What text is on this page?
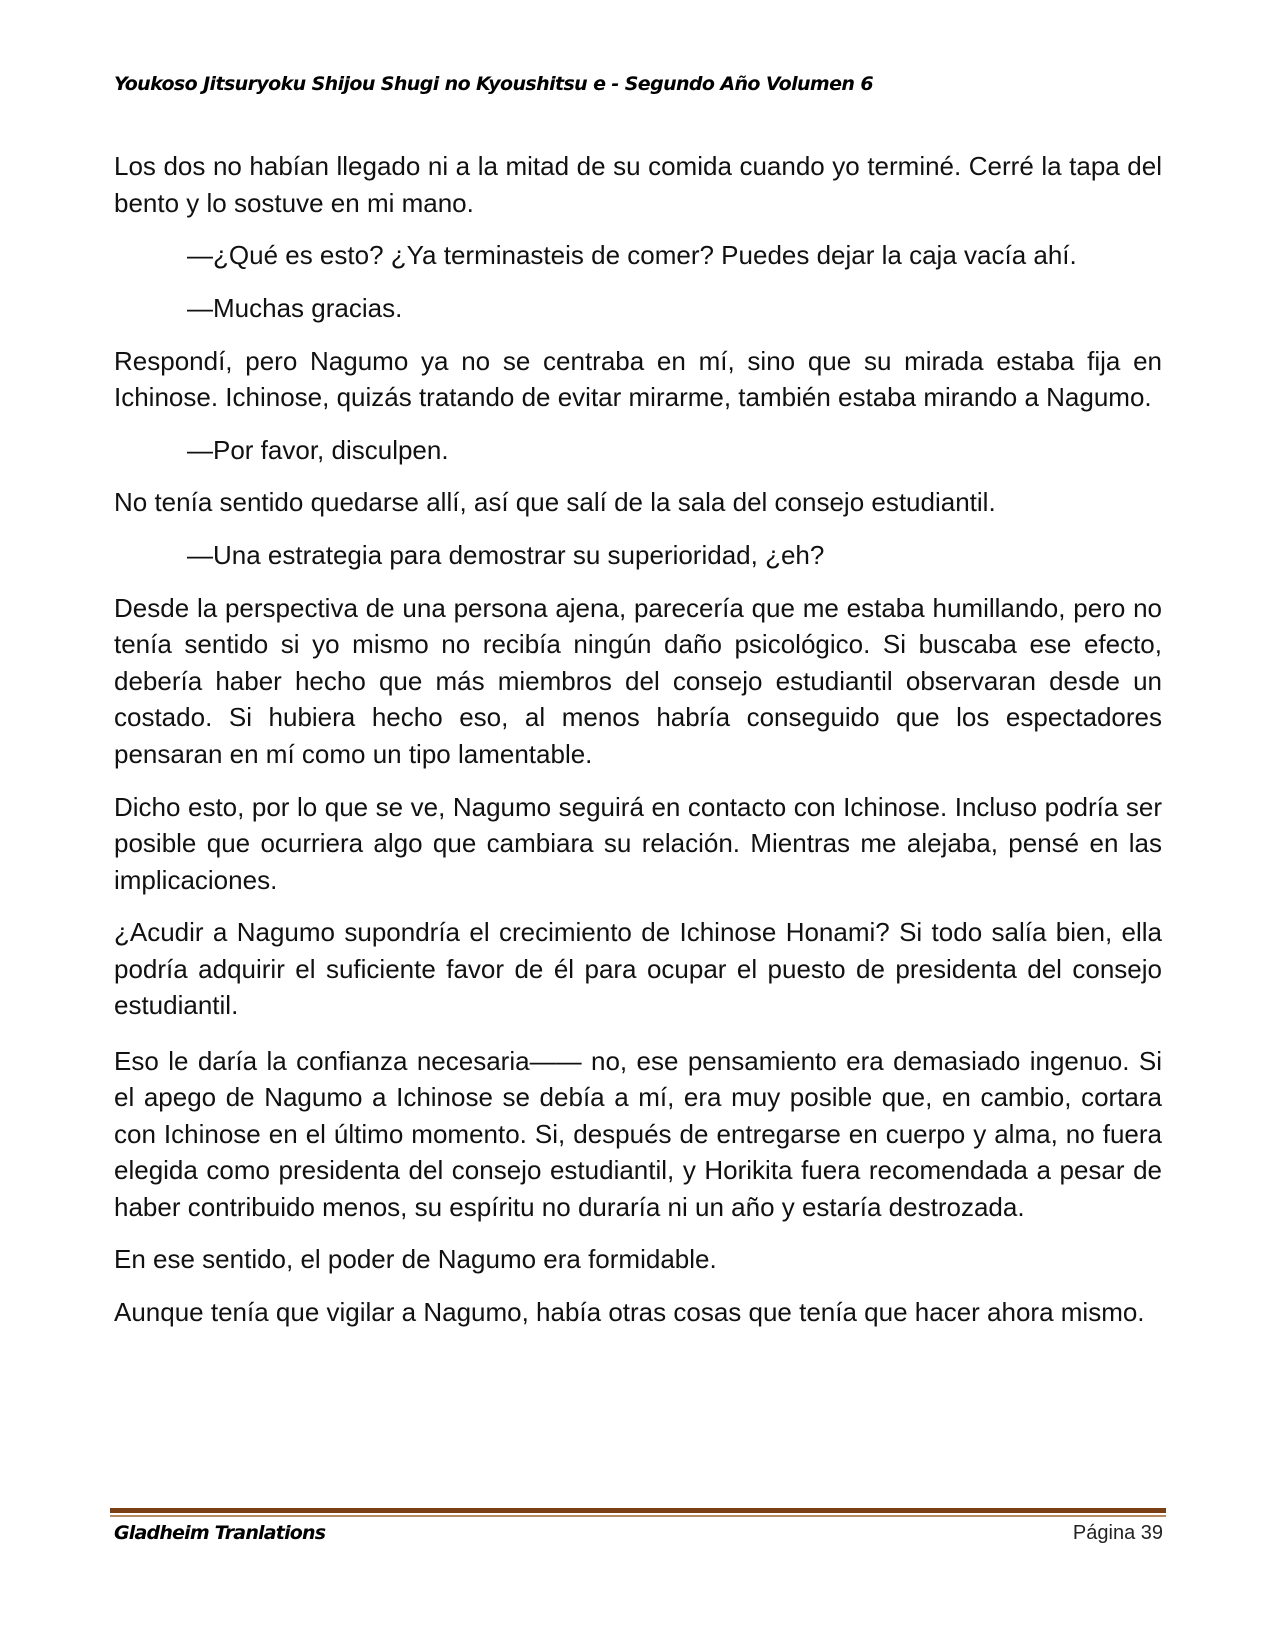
Youkoso Jitsuryoku Shijou Shugi no Kyoushitsu e - Segundo Año Volumen 6

Los dos no habían llegado ni a la mitad de su comida cuando yo terminé. Cerré la tapa del bento y lo sostuve en mi mano.

—¿Qué es esto? ¿Ya terminasteis de comer? Puedes dejar la caja vacía ahí.

—Muchas gracias.

Respondí, pero Nagumo ya no se centraba en mí, sino que su mirada estaba fija en Ichinose. Ichinose, quizás tratando de evitar mirarme, también estaba mirando a Nagumo.

—Por favor, disculpen.

No tenía sentido quedarse allí, así que salí de la sala del consejo estudiantil.

—Una estrategia para demostrar su superioridad, ¿eh?

Desde la perspectiva de una persona ajena, parecería que me estaba humillando, pero no tenía sentido si yo mismo no recibía ningún daño psicológico. Si buscaba ese efecto, debería haber hecho que más miembros del consejo estudiantil observaran desde un costado. Si hubiera hecho eso, al menos habría conseguido que los espectadores pensaran en mí como un tipo lamentable.

Dicho esto, por lo que se ve, Nagumo seguirá en contacto con Ichinose. Incluso podría ser posible que ocurriera algo que cambiara su relación. Mientras me alejaba, pensé en las implicaciones.

¿Acudir a Nagumo supondría el crecimiento de Ichinose Honami? Si todo salía bien, ella podría adquirir el suficiente favor de él para ocupar el puesto de presidenta del consejo estudiantil.

Eso le daría la confianza necesaria—— no, ese pensamiento era demasiado ingenuo. Si el apego de Nagumo a Ichinose se debía a mí, era muy posible que, en cambio, cortara con Ichinose en el último momento. Si, después de entregarse en cuerpo y alma, no fuera elegida como presidenta del consejo estudiantil, y Horikita fuera recomendada a pesar de haber contribuido menos, su espíritu no duraría ni un año y estaría destrozada.

En ese sentido, el poder de Nagumo era formidable.

Aunque tenía que vigilar a Nagumo, había otras cosas que tenía que hacer ahora mismo.

Gladheim Tranlations	Página 39
